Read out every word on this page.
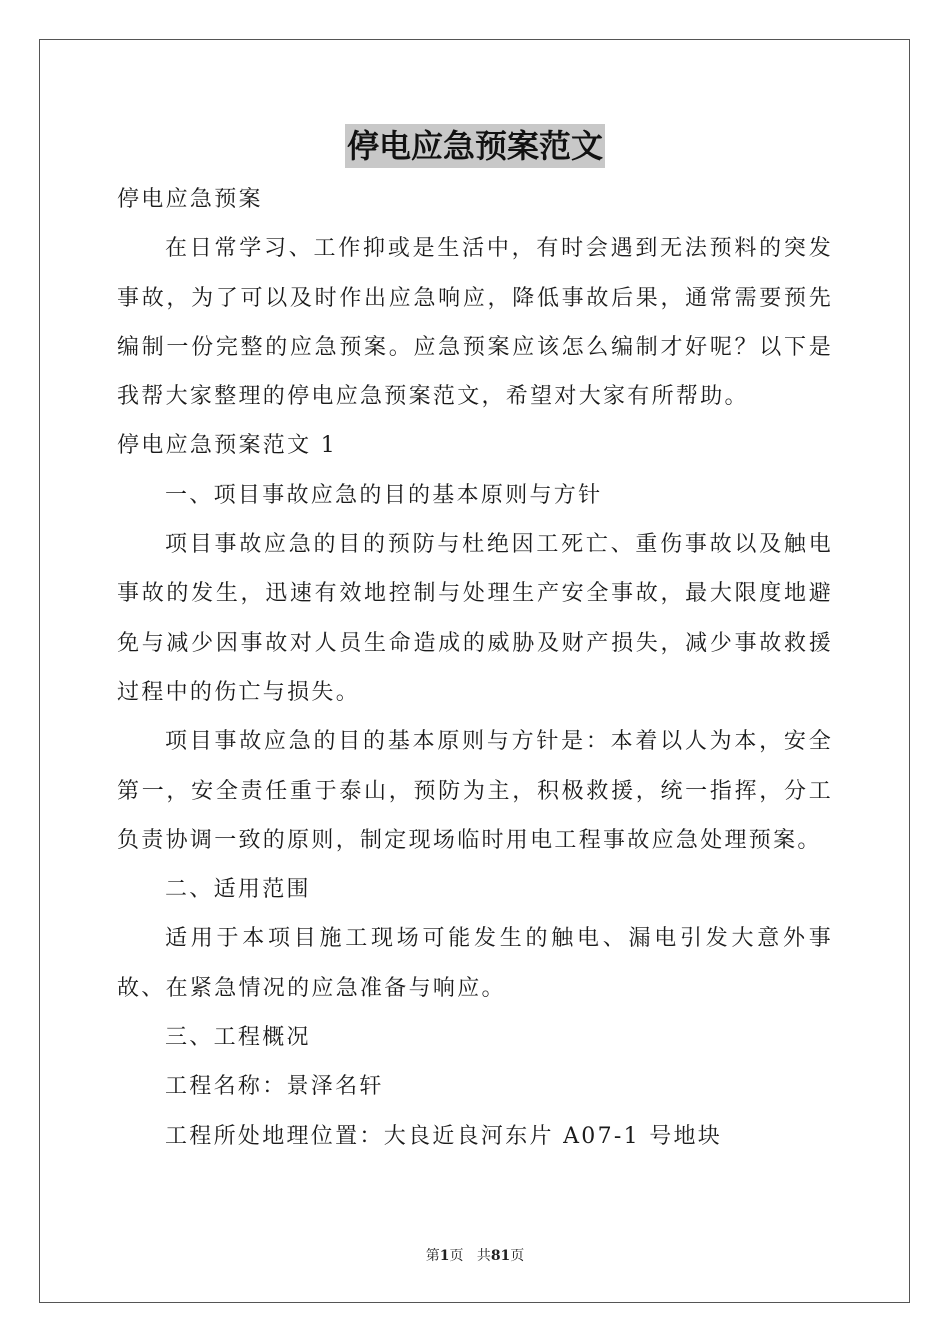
停电应急预案范文

停电应急预案

在日常学习、工作抑或是生活中，有时会遇到无法预料的突发事故，为了可以及时作出应急响应，降低事故后果，通常需要预先编制一份完整的应急预案。应急预案应该怎么编制才好呢？以下是我帮大家整理的停电应急预案范文，希望对大家有所帮助。

停电应急预案范文 1

一、项目事故应急的目的基本原则与方针

项目事故应急的目的预防与杜绝因工死亡、重伤事故以及触电事故的发生，迅速有效地控制与处理生产安全事故，最大限度地避免与减少因事故对人员生命造成的威胁及财产损失，减少事故救援过程中的伤亡与损失。

项目事故应急的目的基本原则与方针是：本着以人为本，安全第一，安全责任重于泰山，预防为主，积极救援，统一指挥，分工负责协调一致的原则，制定现场临时用电工程事故应急处理预案。

二、适用范围

适用于本项目施工现场可能发生的触电、漏电引发大意外事故、在紧急情况的应急准备与响应。

三、工程概况

工程名称：景泽名轩

工程所处地理位置：大良近良河东片 A07-1 号地块

第1页 共81页
